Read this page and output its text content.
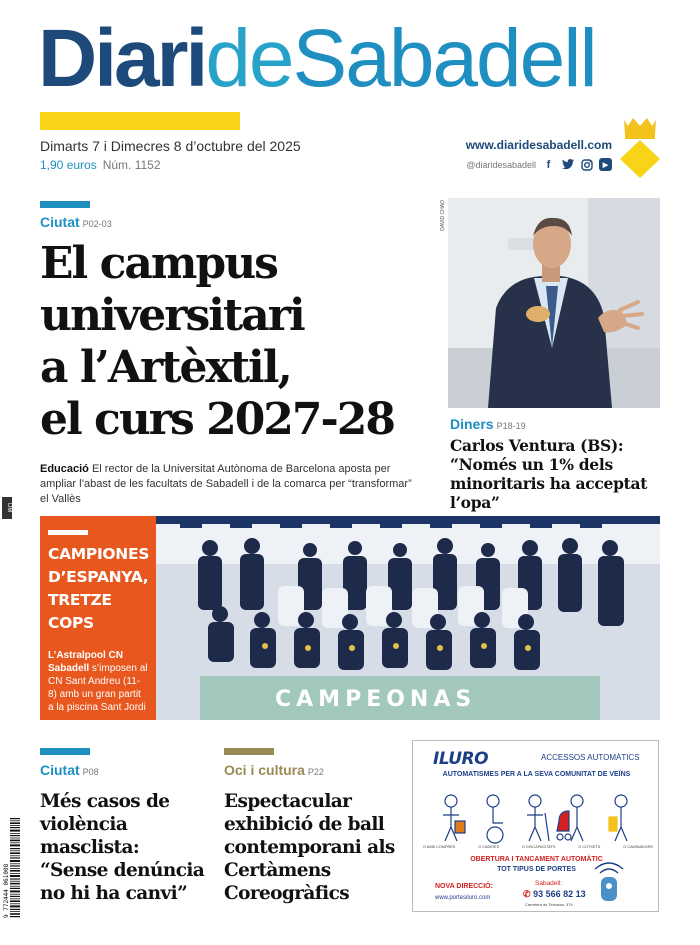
DiarideSabadell
Dimarts 7 i Dimecres 8 d’octubre del 2025
1,90 euros Núm. 1152
www.diaridesabadell.com
@diaridesabadell f	▶
Ciutat P02-03
El campus
universitari
a l’Artèxtil,
el curs 2027-28

Educació El rector de la Universitat Autònoma de Barcelona aposta per ampliar l’abast de les facultats de Sabadell i de la comarca per “transformar” el Vallès

DAVID CHAO
Diners P18-19
Carlos Ventura (BS): “Només un 1% dels minoritaris ha acceptat l’opa”
CAMPEONAS
CAMPIONES
D’ESPANYA,
TRETZE COPS
L’Astralpool CN Sabadell s’imposen al CN Sant Andreu (11-8) amb un gran partit a la piscina Sant Jordi
Ciutat P08
Més casos de violència masclista: “Sense denúncia no hi ha canvi”
Oci i cultura P22
Espectacular exhibició de ball contemporani als Certàmens Coreogràfics
ILURO	ACCESSOS AUTOMÀTICS
AUTOMATISMES PER A LA SEVA COMUNITAT DE VEÏNS
O AMB COMPRES	O CADIRES	O DISCAPACITATS	O COTXETS	O CAMINADORS
OBERTURA I TANCAMENT AUTOMÀTIC
TOT TIPUS DE PORTES
NOVA DIRECCIÓ:
www.portesiluro.com
Sabadell:
✆ 93 566 82 13
Carretera de Terrassa, 374
DM
9 772444 061008
